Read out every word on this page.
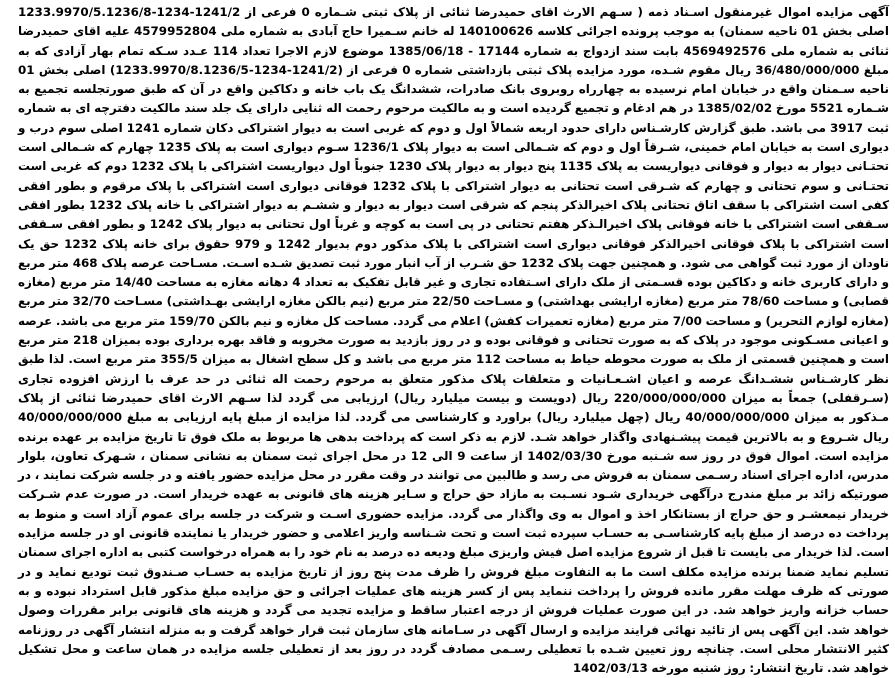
آگهی مزایده اموال غیرمنقول اسـناد ذمه ( سـهم الارث اقای حمیدرضا ثنائی از پلاک ثبتی شـماره 0 فرعی از 1241/2-1234-1233.9970/5.1236/8 اصلی بخش 01 ناحیه سمنان) به موجب پرونده اجرائی کلاسه 140100626 له خانم سـمیرا حاج آبادی به شماره ملی 4579952804 علیه اقای حمیدرضا ثنائی به شماره ملی 4569492576 بابت سند ازدواج به شماره 17144 - 1385/06/18 موضوع لازم الاجرا تعداد 114 عـدد سـکه تمام بهار آزادی که به مبلغ 36/480/000/000 ریال مقوم شـده، مورد مزایده پلاک ثبتی بازداشتی شماره 0 فرعی از (1241/2-1234-1233.9970/8.1236/5) اصلی بخش 01 ناحیه سـمنان واقع در خیابان امام نرسیده به چهارراه روبروی بانک صادرات، ششدانگ یک باب خانه و دکاکین واقع در آن که طبق صورتجلسه تجمیع به شـماره 5521 مورخ 1385/02/02 در هم ادغام و تجمیع گردیده است و به مالکیت مرحوم رحمت اله ثنایی دارای یک جلد سند مالکیت دفترچه ای به شماره ثبت 3917 می باشد. طبق گزارش کارشـناس دارای حدود اربعه شمالاً اول و دوم که غربی است به دیوار اشتراکی دکان شماره 1241 اصلی سوم درب و دیواری است به خیابان امام خمینی، شـرقاً اول و دوم که شـمالی است به دیوار پلاک 1236/1 سـوم دیواری است به پلاک 1235 چهارم که شـمالی است تحتـانی دیوار به دیوار و فوقانی دیواریست به پلاک 1135 پنج دیوار به دیوار پلاک 1230 جنوباً اول دیواریست اشتراکی با پلاک 1232 دوم که غربی است تحتـانی و سوم تحتانی و چهارم که شـرقی است تحتانی به دیوار اشتراکی با پلاک 1232 فوقانی دیواری است اشتراکی با پلاک مرقوم و بطور افقی کفی است اشتراکی با سقف اتاق تحتانی پلاک اخیرالذکر پنجم که شرقی است دیوار به دیوار و ششـم به دیوار اشتراکی با خانه پلاک 1232 بطور افقی سـقفی است اشتراکی با خانه فوقانی پلاک اخیرالـذکر هفتم تحتانی در پی است به کوچه و غرباً اول تحتانی به دیوار پلاک 1242 و بطور افقی سـقفی است اشتراکی با پلاک فوقانی اخیرالذکر فوقانی دیواری است اشتراکی با پلاک مذکور دوم بدیوار 1242 و 979 حقوق برای خانه پلاک 1232 حق یک ناودان از مورد ثبت گواهی می شود. و همچنین جهت پلاک 1232 حق شـرب از آب انبار مورد ثبت تصدیق شـده اسـت. مسـاحت عرصه پلاک 468 متر مربع و دارای کاربری خانه و دکاکین بوده قسـمتی از ملک دارای اسـتفاده تجاری و غیر قابل تفکیک به تعداد 4 دهانه مغازه به مساحت 14/40 متر مربع (مغازه قصابی) و مساحت 78/60 متر مربع (مغازه ارایشی بهداشتی) و مسـاحت 22/50 متر مربع (نیم بالکن مغازه ارایشی بهـداشتی) مسـاحت 32/70 متر مربع (مغازه لوازم التحریر) و مساحت 7/00 متر مربع (مغازه تعمیرات کفش) اعلام می گردد. مساحت کل مغازه و نیم بالکن 159/70 متر مربع می باشد. عرصه و اعیانی مسـکونی موجود در پلاک که به صورت تحتانی و فوقانی بوده و در روز بازدید به صورت مخروبه و فاقد بهره برداری بوده بمیزان 218 متر مربع است و همچنین قسمتی از ملک به صورت محوطه حیاط به مساحت 112 متر مربع می باشد و کل سطح اشغال به میزان 355/5 متر مربع است. لذا طبق نظر کارشـناس ششـدانگ عرصه و اعیان اشـعـانیات و متعلقات پلاک مذکور متعلق به مرحوم رحمت اله ثنائی در حد عرف با ارزش افزوده تجاری (سـرقفلی) جمعاً به میزان 220/000/000/000 ریال (دویست و بیست میلیارد ریال) ارزیابی می گردد لذا سـهم الارث اقای حمیدرضا ثنائی از پلاک مـذکور به میزان 40/000/000/000 ریال (چهل میلیارد ریال) براورد و کارشناسی می گردد. لذا مزایده از مبلغ پایه ارزیابی به مبلغ 40/000/000/000 ریال شـروع و به بالاترین قیمت پیشـنهادی واگذار خواهد شـد. لازم به ذکر است که پرداخت بدهی ها مربوط به ملک فوق تا تاریخ مزایده بر عهده برنده مزایده است. اموال فوق در روز سه شـنبه مورخ 1402/03/30 از ساعت 9 الی 12 در محل اجرای ثبت سمنان به نشانی سمنان ، شـهرک تعاون، بلوار مدرس، اداره اجرای اسناد رسـمی سمنان به فروش می رسد و طالبین می توانند در وقت مقرر در محل مزایده حضور یافته و در جلسه شرکت نمایند ، در صورتیکه زائد بر مبلغ مندرج درآگهی خریداری شـود نسـبت به مازاد حق حراج و سـایر هزینه های قانونی به عهده خریدار است. در صورت عدم شـرکت خریدار نیمعشـر و حق حراج از بستانکار اخذ و اموال به وی واگذار می گردد. مزایده حضوری اسـت و شرکت در جلسه برای عموم آزاد است و منوط به پرداخت ده درصد از مبلغ پایه کارشناسـی به حسـاب سپرده ثبت است و تحت شـناسه واریز اعلامی و حضور خریدار یا نماینده قانونی او در جلسه مزایده است. لذا خریدار می بایست تا قبل از شروع مزایده اصل فیش واریزی مبلغ ودیعه ده درصد به نام خود را به همراه درخواست کتبی به اداره اجرای سمنان تسلیم نماید ضمنا برنده مزایده مکلف است ما به التفاوت مبلغ فروش را ظرف مدت پنج روز از تاریخ مزایده به حسـاب صـندوق ثبت تودیع نماید و در صورتی که ظرف مهلت مقرر مانده فروش را پرداخت ننماید پس از کسر هزینه های عملیات اجرائی و حق مزایده مبلغ مذکور قابل استرداد نبوده و به حساب خزانه واریز خواهد شد. در این صورت عملیات فروش از درجه اعتبار ساقط و مزایده تجدید می گردد و هزینه های قانونی برابر مقررات وصول خواهد شد. این آگهی پس از تائید نهائی فرایند مزایده و ارسال آگهی در سـامانه های سازمان ثبت قرار خواهد گرفت و به منزله انتشار آگهی در روزنامه کثیر الانتشار محلی است. چنانچه روز تعیین شـده با تعطیلی رسـمی مصادف گردد در روز بعد از تعطیلی جلسه مزایده در همان ساعت و محل تشکیل خواهد شد. تاریخ انتشار: روز شنبه مورخه 1402/03/13
